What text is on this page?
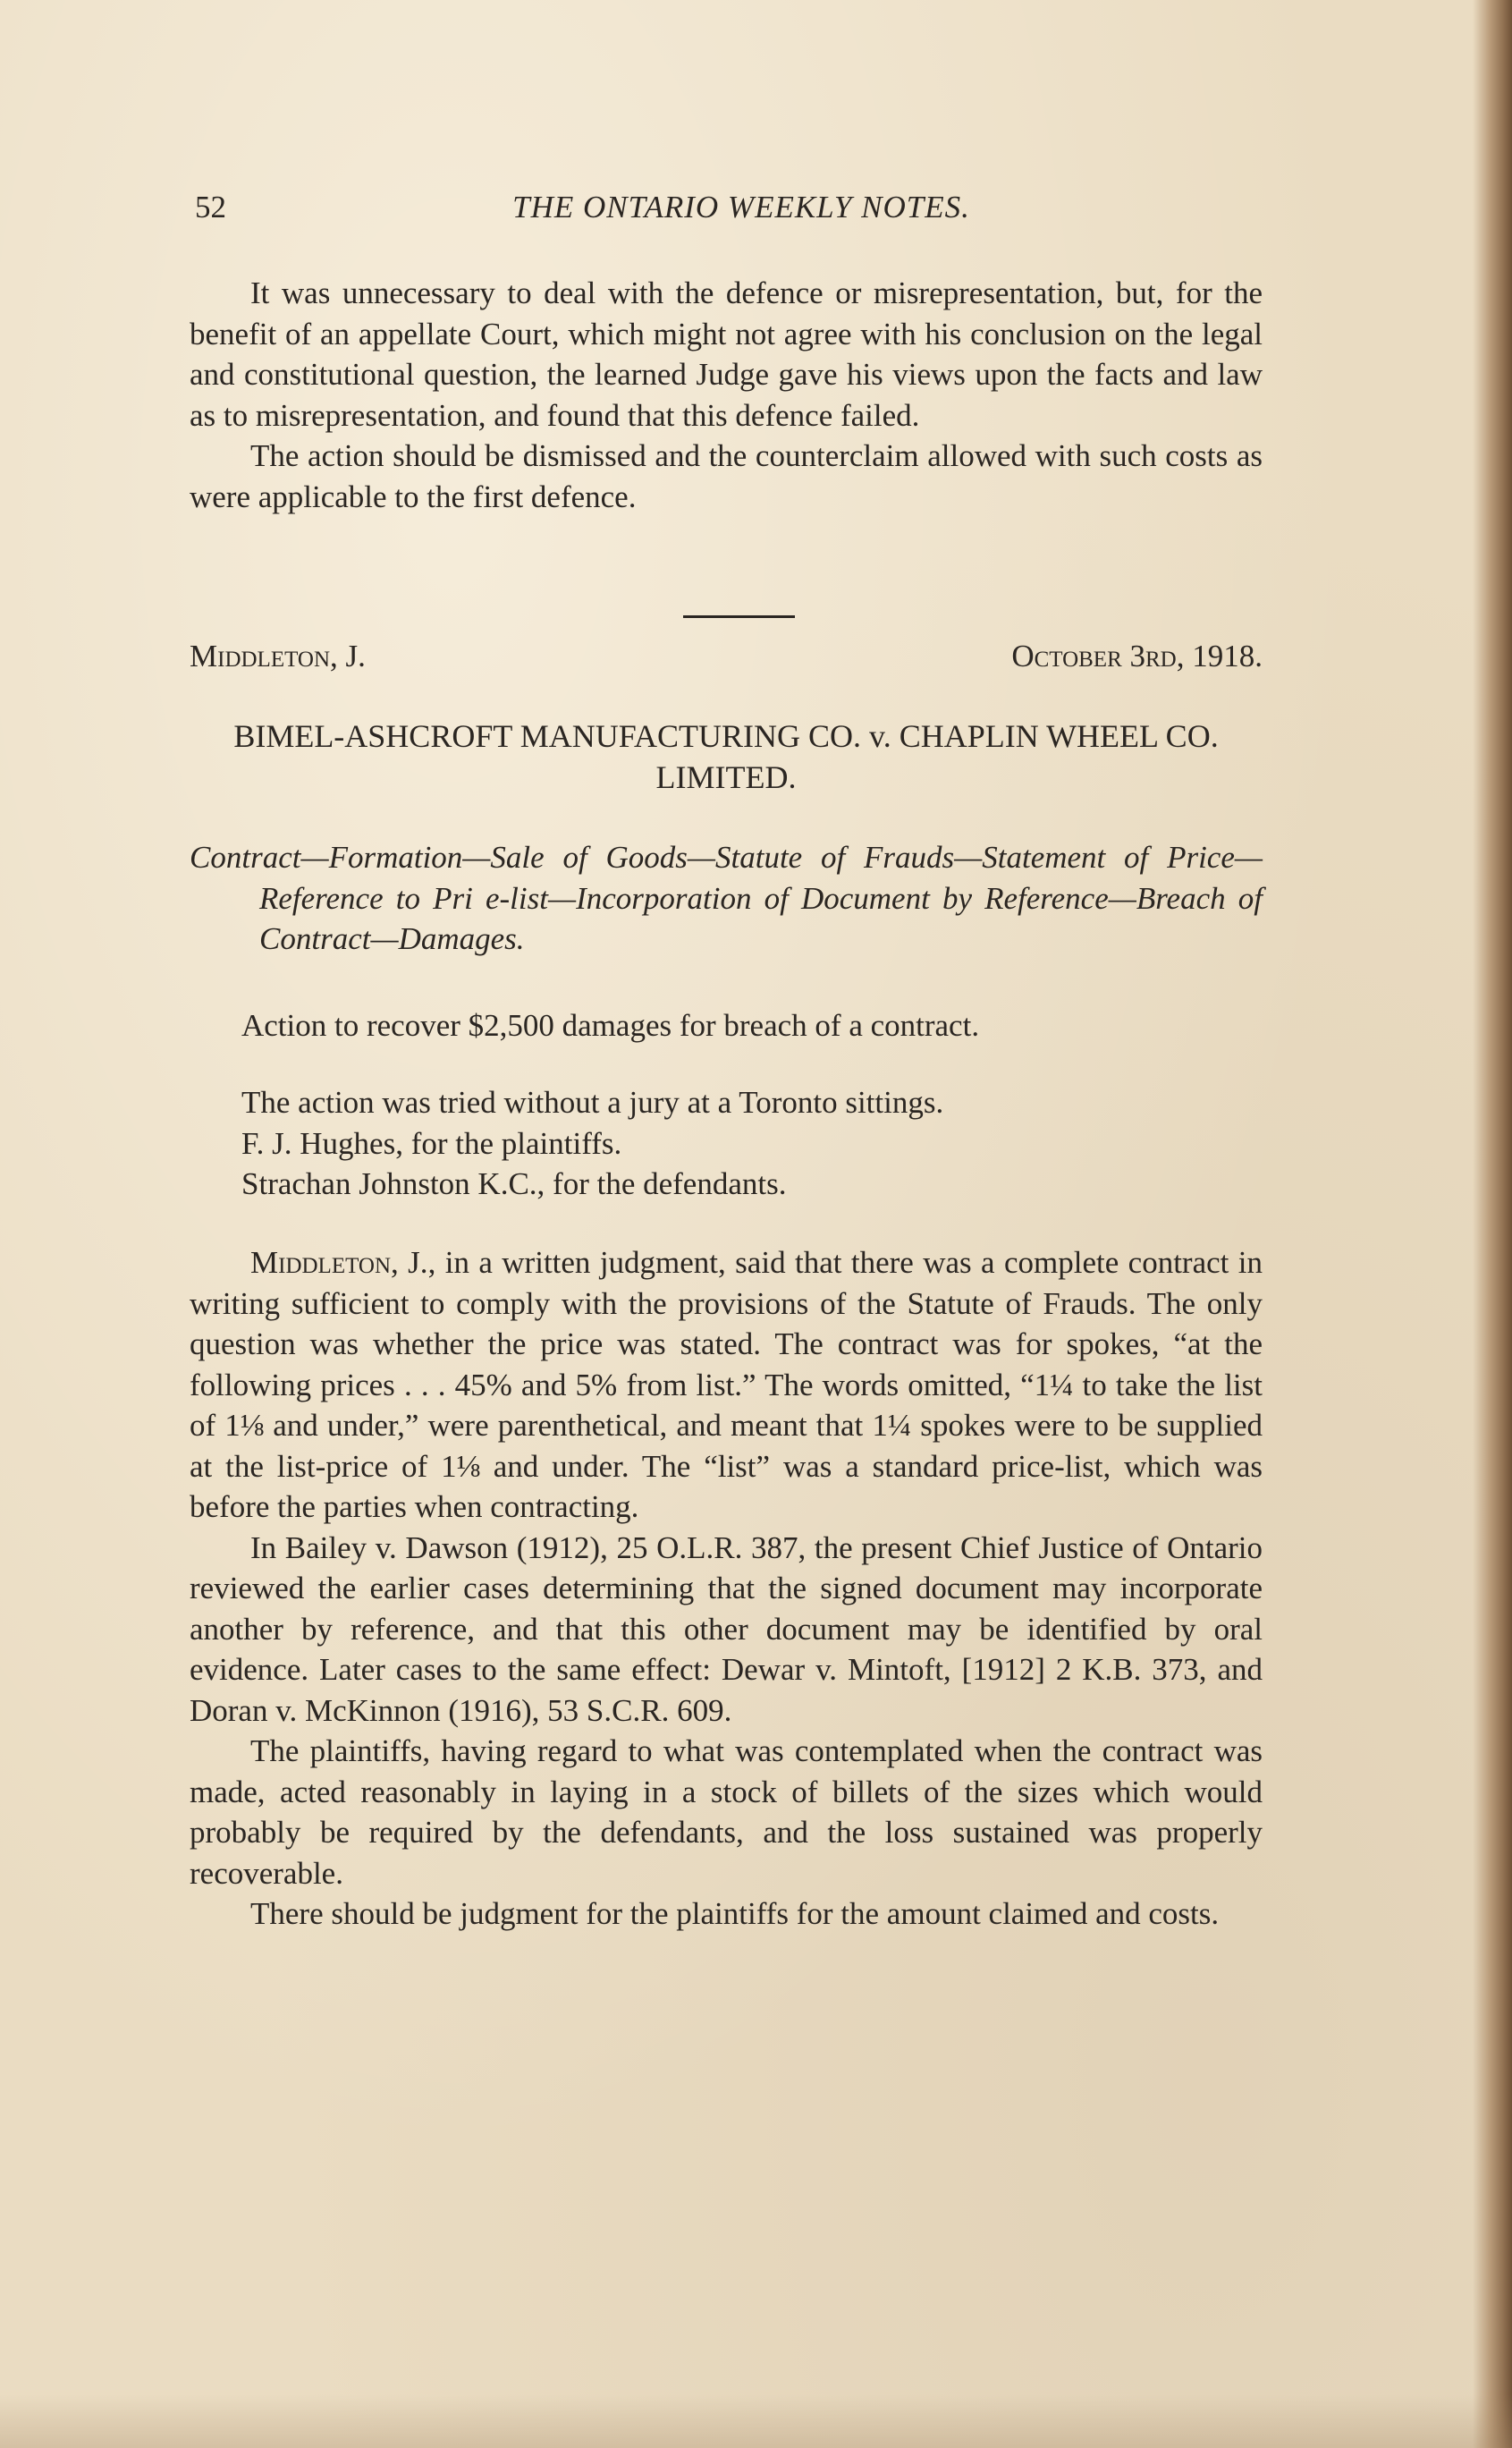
52	THE ONTARIO WEEKLY NOTES.

It was unnecessary to deal with the defence or misrepresentation, but, for the benefit of an appellate Court, which might not agree with his conclusion on the legal and constitutional question, the learned Judge gave his views upon the facts and law as to misrepresentation, and found that this defence failed.

The action should be dismissed and the counterclaim allowed with such costs as were applicable to the first defence.

Middleton, J.	October 3rd, 1918.
BIMEL-ASHCROFT MANUFACTURING CO. v. CHAPLIN WHEEL CO. LIMITED.
Contract—Formation—Sale of Goods—Statute of Frauds—Statement of Price—Reference to Pri e-list—Incorporation of Document by Reference—Breach of Contract—Damages.

Action to recover $2,500 damages for breach of a contract.

The action was tried without a jury at a Toronto sittings.

F. J. Hughes, for the plaintiffs.

Strachan Johnston K.C., for the defendants.

Middleton, J., in a written judgment, said that there was a complete contract in writing sufficient to comply with the provisions of the Statute of Frauds. The only question was whether the price was stated. The contract was for spokes, “at the following prices . . . 45% and 5% from list.” The words omitted, “1¼ to take the list of 1⅛ and under,” were parenthetical, and meant that 1¼ spokes were to be supplied at the list-price of 1⅛ and under. The “list” was a standard price-list, which was before the parties when contracting.

In Bailey v. Dawson (1912), 25 O.L.R. 387, the present Chief Justice of Ontario reviewed the earlier cases determining that the signed document may incorporate another by reference, and that this other document may be identified by oral evidence. Later cases to the same effect: Dewar v. Mintoft, [1912] 2 K.B. 373, and Doran v. McKinnon (1916), 53 S.C.R. 609.

The plaintiffs, having regard to what was contemplated when the contract was made, acted reasonably in laying in a stock of billets of the sizes which would probably be required by the defendants, and the loss sustained was properly recoverable.

There should be judgment for the plaintiffs for the amount claimed and costs.
